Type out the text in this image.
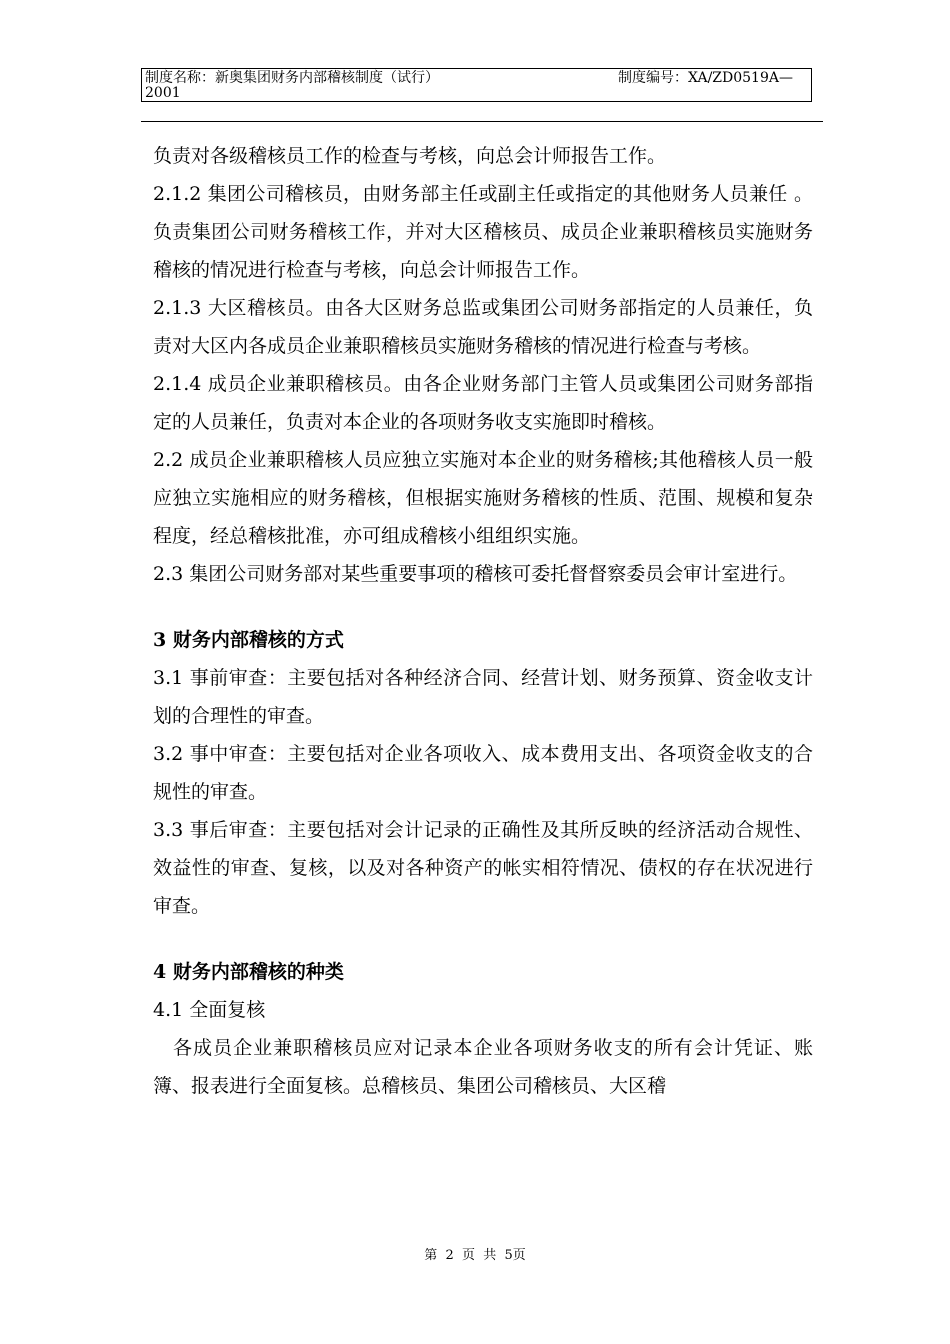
制度名称：新奥集团财务内部稽核制度（试行）	制度编号：XA/ZD0519A—
2001

负责对各级稽核员工作的检查与考核，向总会计师报告工作。

2.1.2 集团公司稽核员，由财务部主任或副主任或指定的其他财务人员兼任 。负责集团公司财务稽核工作，并对大区稽核员、成员企业兼职稽核员实施财务稽核的情况进行检查与考核，向总会计师报告工作。

2.1.3 大区稽核员。由各大区财务总监或集团公司财务部指定的人员兼任，负责对大区内各成员企业兼职稽核员实施财务稽核的情况进行检查与考核。

2.1.4 成员企业兼职稽核员。由各企业财务部门主管人员或集团公司财务部指定的人员兼任，负责对本企业的各项财务收支实施即时稽核。

2.2 成员企业兼职稽核人员应独立实施对本企业的财务稽核;其他稽核人员一般应独立实施相应的财务稽核，但根据实施财务稽核的性质、范围、规模和复杂程度，经总稽核批准，亦可组成稽核小组组织实施。

2.3 集团公司财务部对某些重要事项的稽核可委托督督察委员会审计室进行。

3 财务内部稽核的方式

3.1 事前审查：主要包括对各种经济合同、经营计划、财务预算、资金收支计划的合理性的审查。

3.2 事中审查：主要包括对企业各项收入、成本费用支出、各项资金收支的合规性的审查。

3.3 事后审查：主要包括对会计记录的正确性及其所反映的经济活动合规性、效益性的审查、复核，以及对各种资产的帐实相符情况、债权的存在状况进行审查。

4 财务内部稽核的种类

4.1 全面复核

各成员企业兼职稽核员应对记录本企业各项财务收支的所有会计凭证、账簿、报表进行全面复核。总稽核员、集团公司稽核员、大区稽

第  2  页  共  5页
